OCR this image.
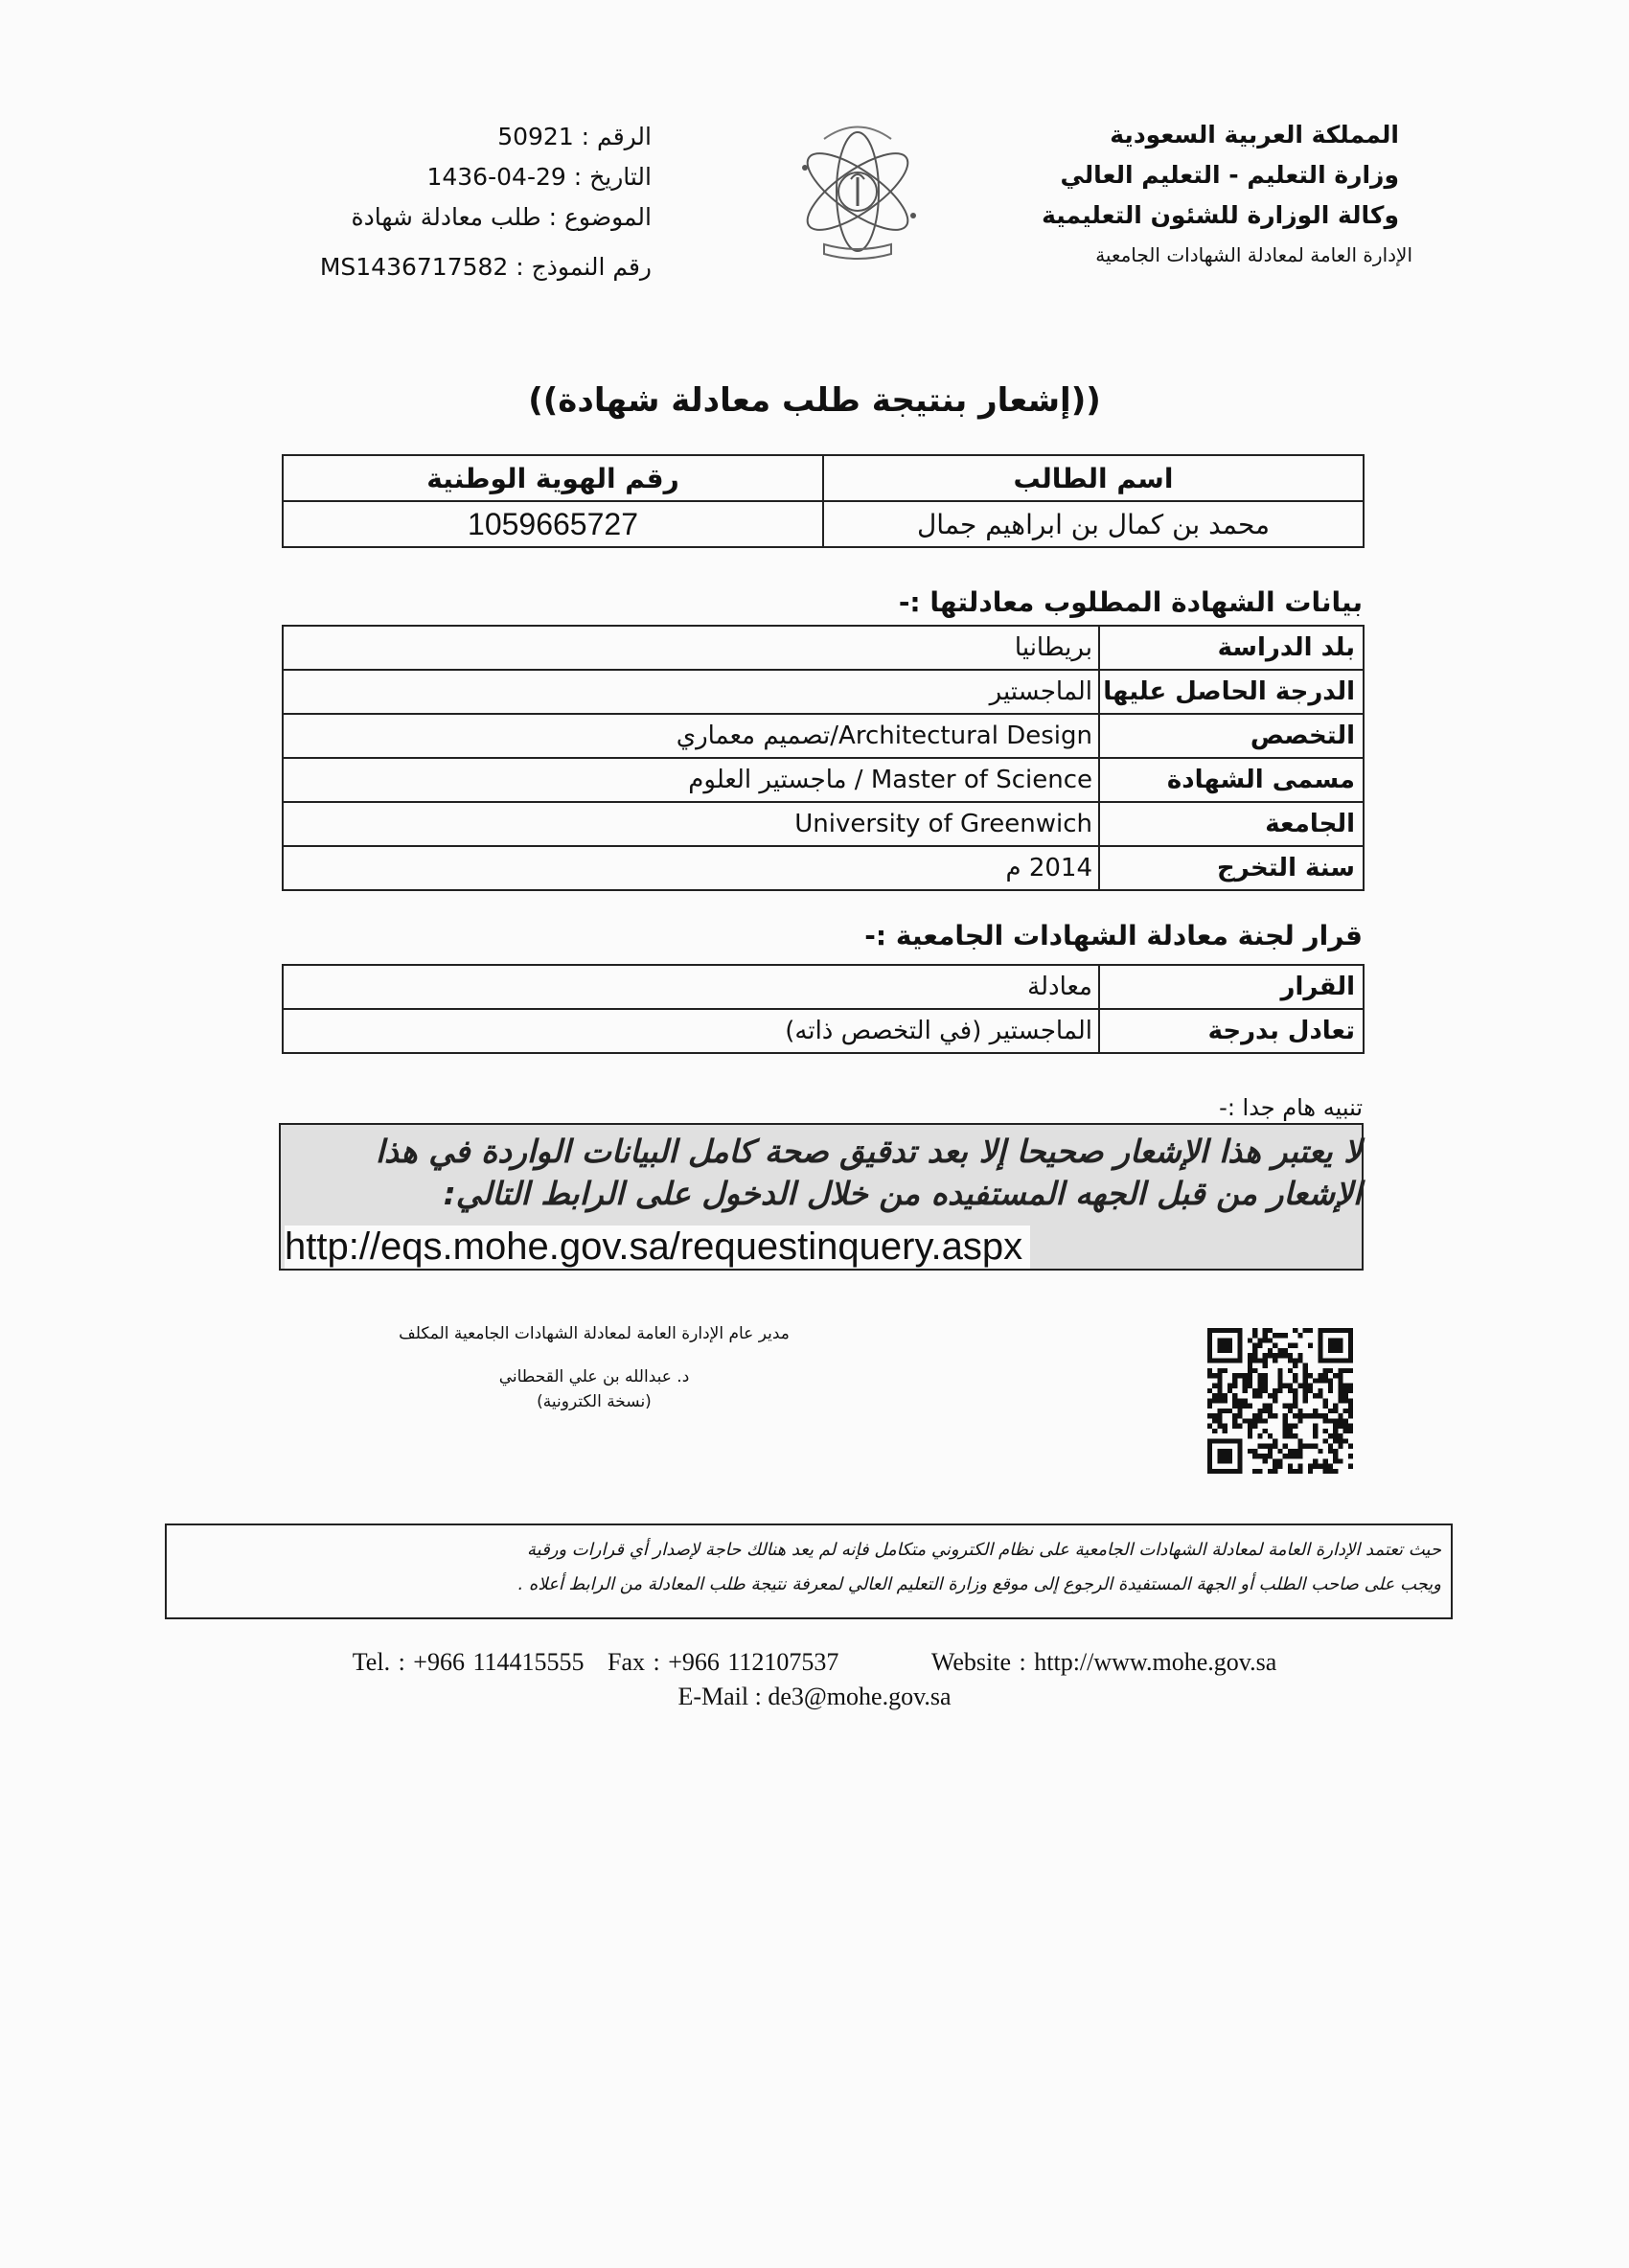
المملكة العربية السعودية
وزارة التعليم - التعليم العالي
وكالة الوزارة للشئون التعليمية
الإدارة العامة لمعادلة الشهادات الجامعية
الرقم : 50921
التاريخ : 29-04-1436
الموضوع : طلب معادلة شهادة
رقم النموذج : MS1436717582
((إشعار بنتيجة طلب معادلة شهادة))
رقم الهوية الوطنية	اسم الطالب
1059665727	محمد بن كمال بن ابراهيم جمال
بيانات الشهادة المطلوب معادلتها :-
بريطانيا	بلد الدراسة
الماجستير	الدرجة الحاصل عليها
Architectural Design/تصميم معماري	التخصص
Master of Science / ماجستير العلوم	مسمى الشهادة
University of Greenwich	الجامعة
2014 م	سنة التخرج
قرار لجنة معادلة الشهادات الجامعية :-
معادلة	القرار
الماجستير (في التخصص ذاته)	تعادل بدرجة
تنبيه هام جدا :-
لا يعتبر هذا الإشعار صحيحا إلا بعد تدقيق صحة كامل البيانات الواردة في هذا الإشعار من قبل الجهه المستفيده من خلال الدخول على الرابط التالي:
http://eqs.mohe.gov.sa/requestinquery.aspx
مدير عام الإدارة العامة لمعادلة الشهادات الجامعية المكلف
د. عبدالله بن علي القحطاني
(نسخة الكترونية)
حيث تعتمد الإدارة العامة لمعادلة الشهادات الجامعية على نظام الكتروني متكامل فإنه لم يعد هنالك حاجة لإصدار أي قرارات ورقية
ويجب على صاحب الطلب أو الجهة المستفيدة الرجوع إلى موقع وزارة التعليم العالي لمعرفة نتيجة طلب المعادلة من الرابط أعلاه .
Tel. : +966 114415555 Fax : +966 112107537	Website : http://www.mohe.gov.sa
E-Mail : de3@mohe.gov.sa
